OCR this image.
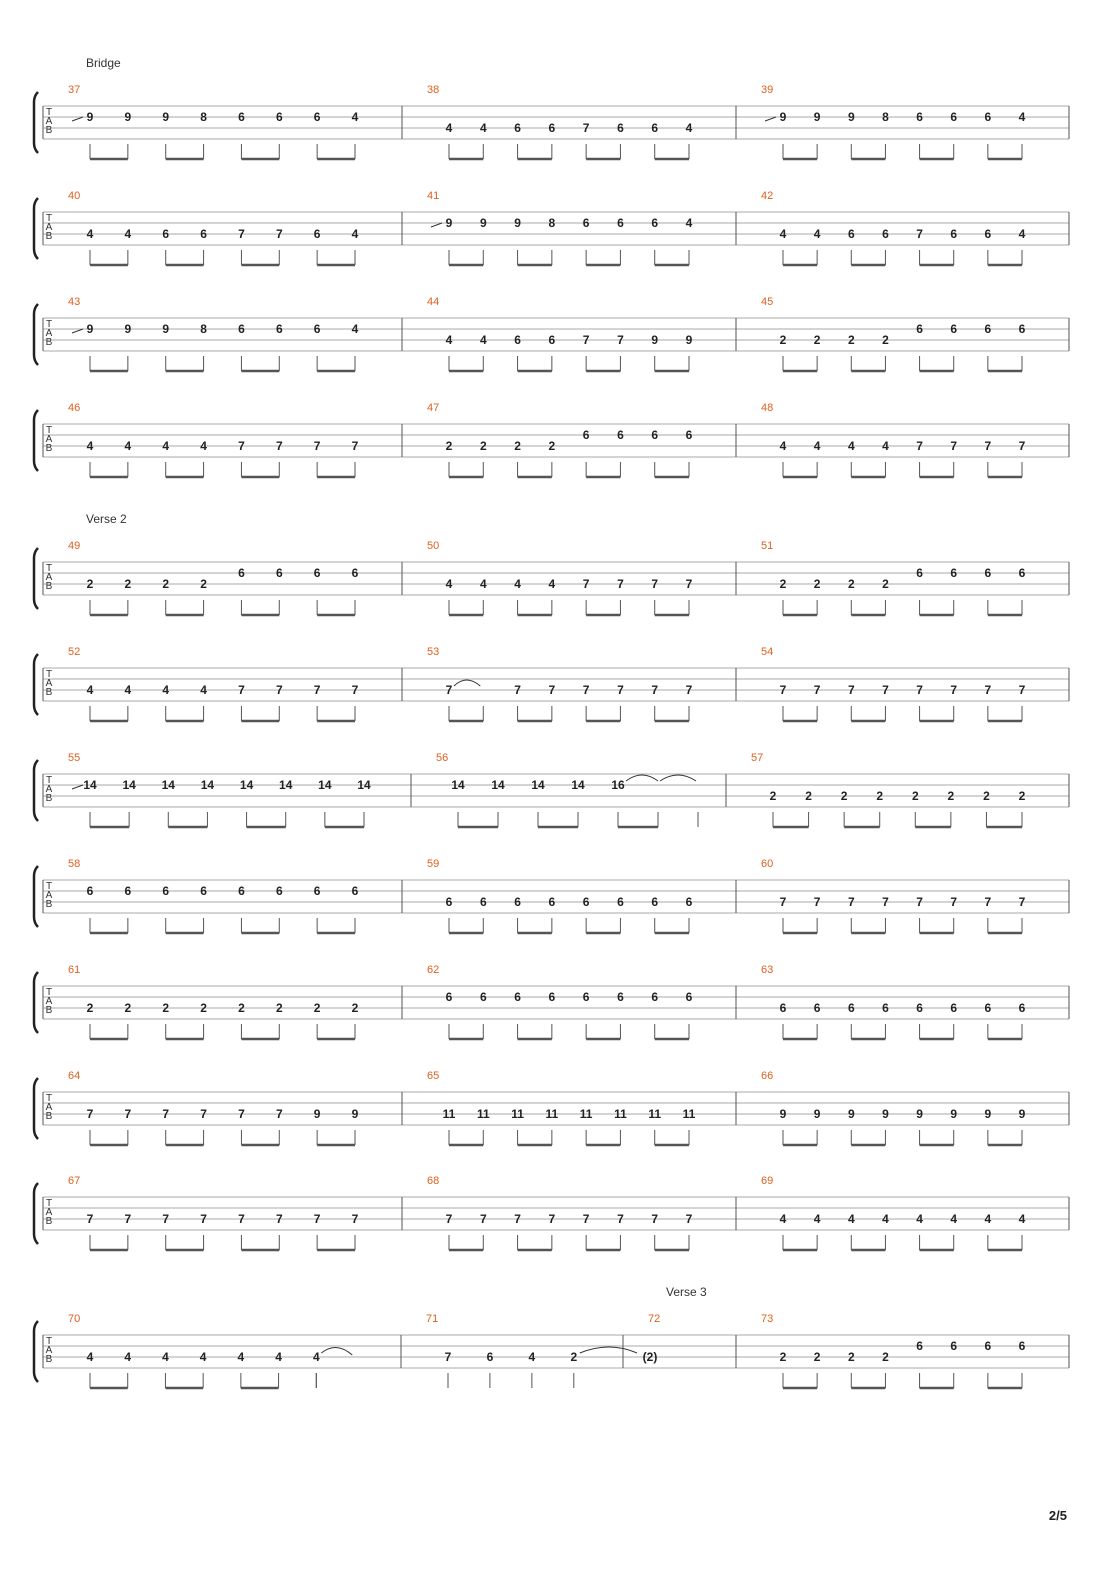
Bridge
Verse 2
Verse 3
T
A
B
37
9	9	9	8	6	6	6	4
38
4 4 6 6 7 6 6 4
39
9 9 9 8 6 6 6 4
T
A
B
40
4	4	6	6	7	7	6	4
41
9 9 9 8 6 6 6 4
42
4 4 6 6 7 6 6 4
T
A
B
43
9	9	9	8	6	6	6	4
44
4 4 6 6 7 7 9 9
45
2 2 2 2
6 6 6 6
T
A
B
46
4	4	4	4	7	7	7	7
47
2 2 2 2
6 6 6 6
48
4 4 4 4 7 7 7 7
T
A
B
49
2	2	2	2
6	6	6	6
50
4 4 4 4 7 7 7 7
51
2 2 2 2
6 6 6 6
T
A
B
52
4	4	4	4	7	7	7	7
53
7	7 7 7 7 7 7
54
7 7 7 7 7 7 7 7
T
A
B
55
14 14 14 14 14 14 14 14
56
14 14 14 14 16
57
2 2 2 2 2 2 2 2
T
A
B
58
6	6	6	6	6	6	6	6
59
6 6 6 6 6 6 6 6
60
7 7 7 7 7 7 7 7
T
A
B
61
2	2	2	2	2	2	2	2
62
6 6 6 6 6 6 6 6
63
6 6 6 6 6 6 6 6
T
A
B
64
7	7	7	7	7	7	9	9
65
11 11 11 11 11 11 11 11
66
9 9 9 9 9 9 9 9
T
A
B
67
7	7	7	7	7	7	7	7
68
7 7 7 7 7 7 7 7
69
4 4 4 4 4 4 4 4
T
A
B
70
4	4	4	4	4	4	4
71
7	6	4	2
72
(2)
73
2 2 2 2
6 6 6 6
2/5
